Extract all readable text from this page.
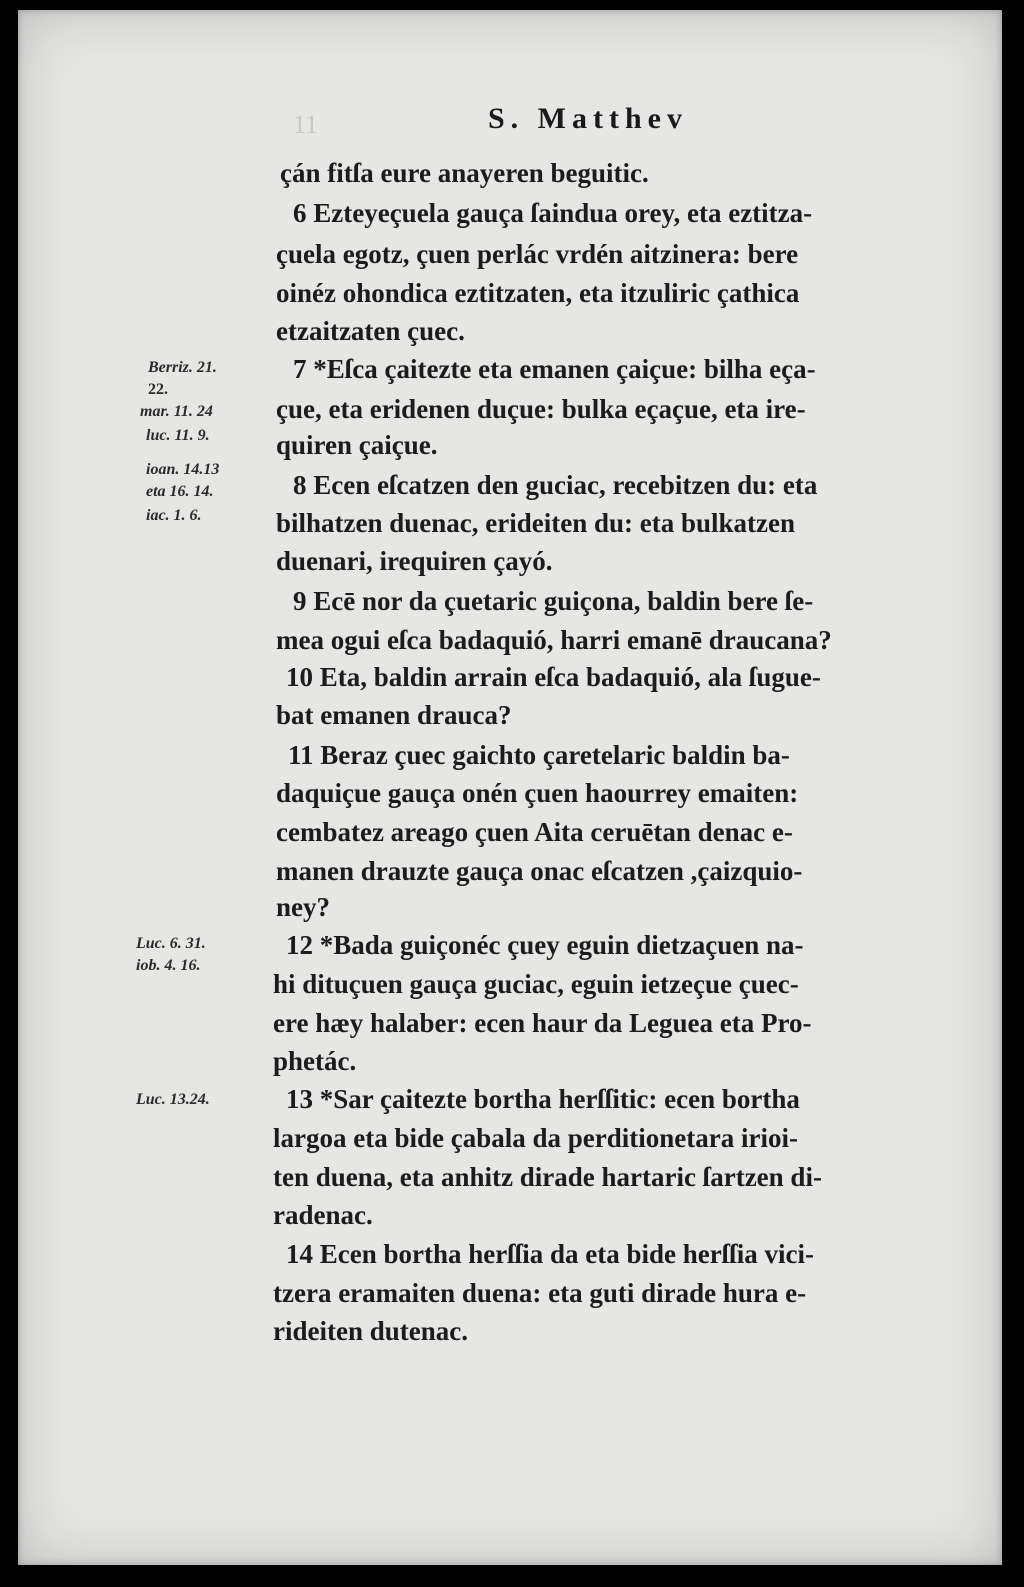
11	S. Matthev
çán fitſa eure anayeren beguitic.
6 Ezteyeçuela gauça ſaindua orey, eta eztitza-
çuela egotz, çuen perlác vrdén aitzinera: bere
oinéz ohondica eztitzaten, eta itzuliric çathica
etzaitzaten çuec.
7 *Eſca çaitezte eta emanen çaiçue: bilha eça-
çue, eta eridenen duçue: bulka eçaçue, eta ire-
quiren çaiçue.
8 Ecen eſcatzen den guciac, recebitzen du: eta
bilhatzen duenac, erideiten du: eta bulkatzen
duenari, irequiren çayó.
9 Ecē nor da çuetaric guiçona, baldin bere ſe-
mea ogui eſca badaquió, harri emanē draucana?
10 Eta, baldin arrain eſca badaquió, ala ſugue-
bat emanen drauca?
11 Beraz çuec gaichto çaretelaric baldin ba-
daquiçue gauça onén çuen haourrey emaiten:
cembatez areago çuen Aita ceruētan denac e-
manen drauzte gauça onac eſcatzen ,çaizquio-
ney?
12 *Bada guiçonéc çuey eguin dietzaçuen na-
hi dituçuen gauça guciac, eguin ietzeçue çuec-
ere hæy halaber: ecen haur da Leguea eta Pro-
phetác.
13 *Sar çaitezte bortha herſſitic: ecen bortha
largoa eta bide çabala da perditionetara irioi-
ten duena, eta anhitz dirade hartaric ſartzen di-
radenac.
14 Ecen bortha herſſia da eta bide herſſia vici-
tzera eramaiten duena: eta guti dirade hura e-
rideiten dutenac.
Berriz. 21.
22.
mar. 11. 24
luc. 11. 9.
ioan. 14.13
eta 16. 14.
iac. 1. 6.
Luc. 6. 31.
iob. 4. 16.
Luc. 13.24.
